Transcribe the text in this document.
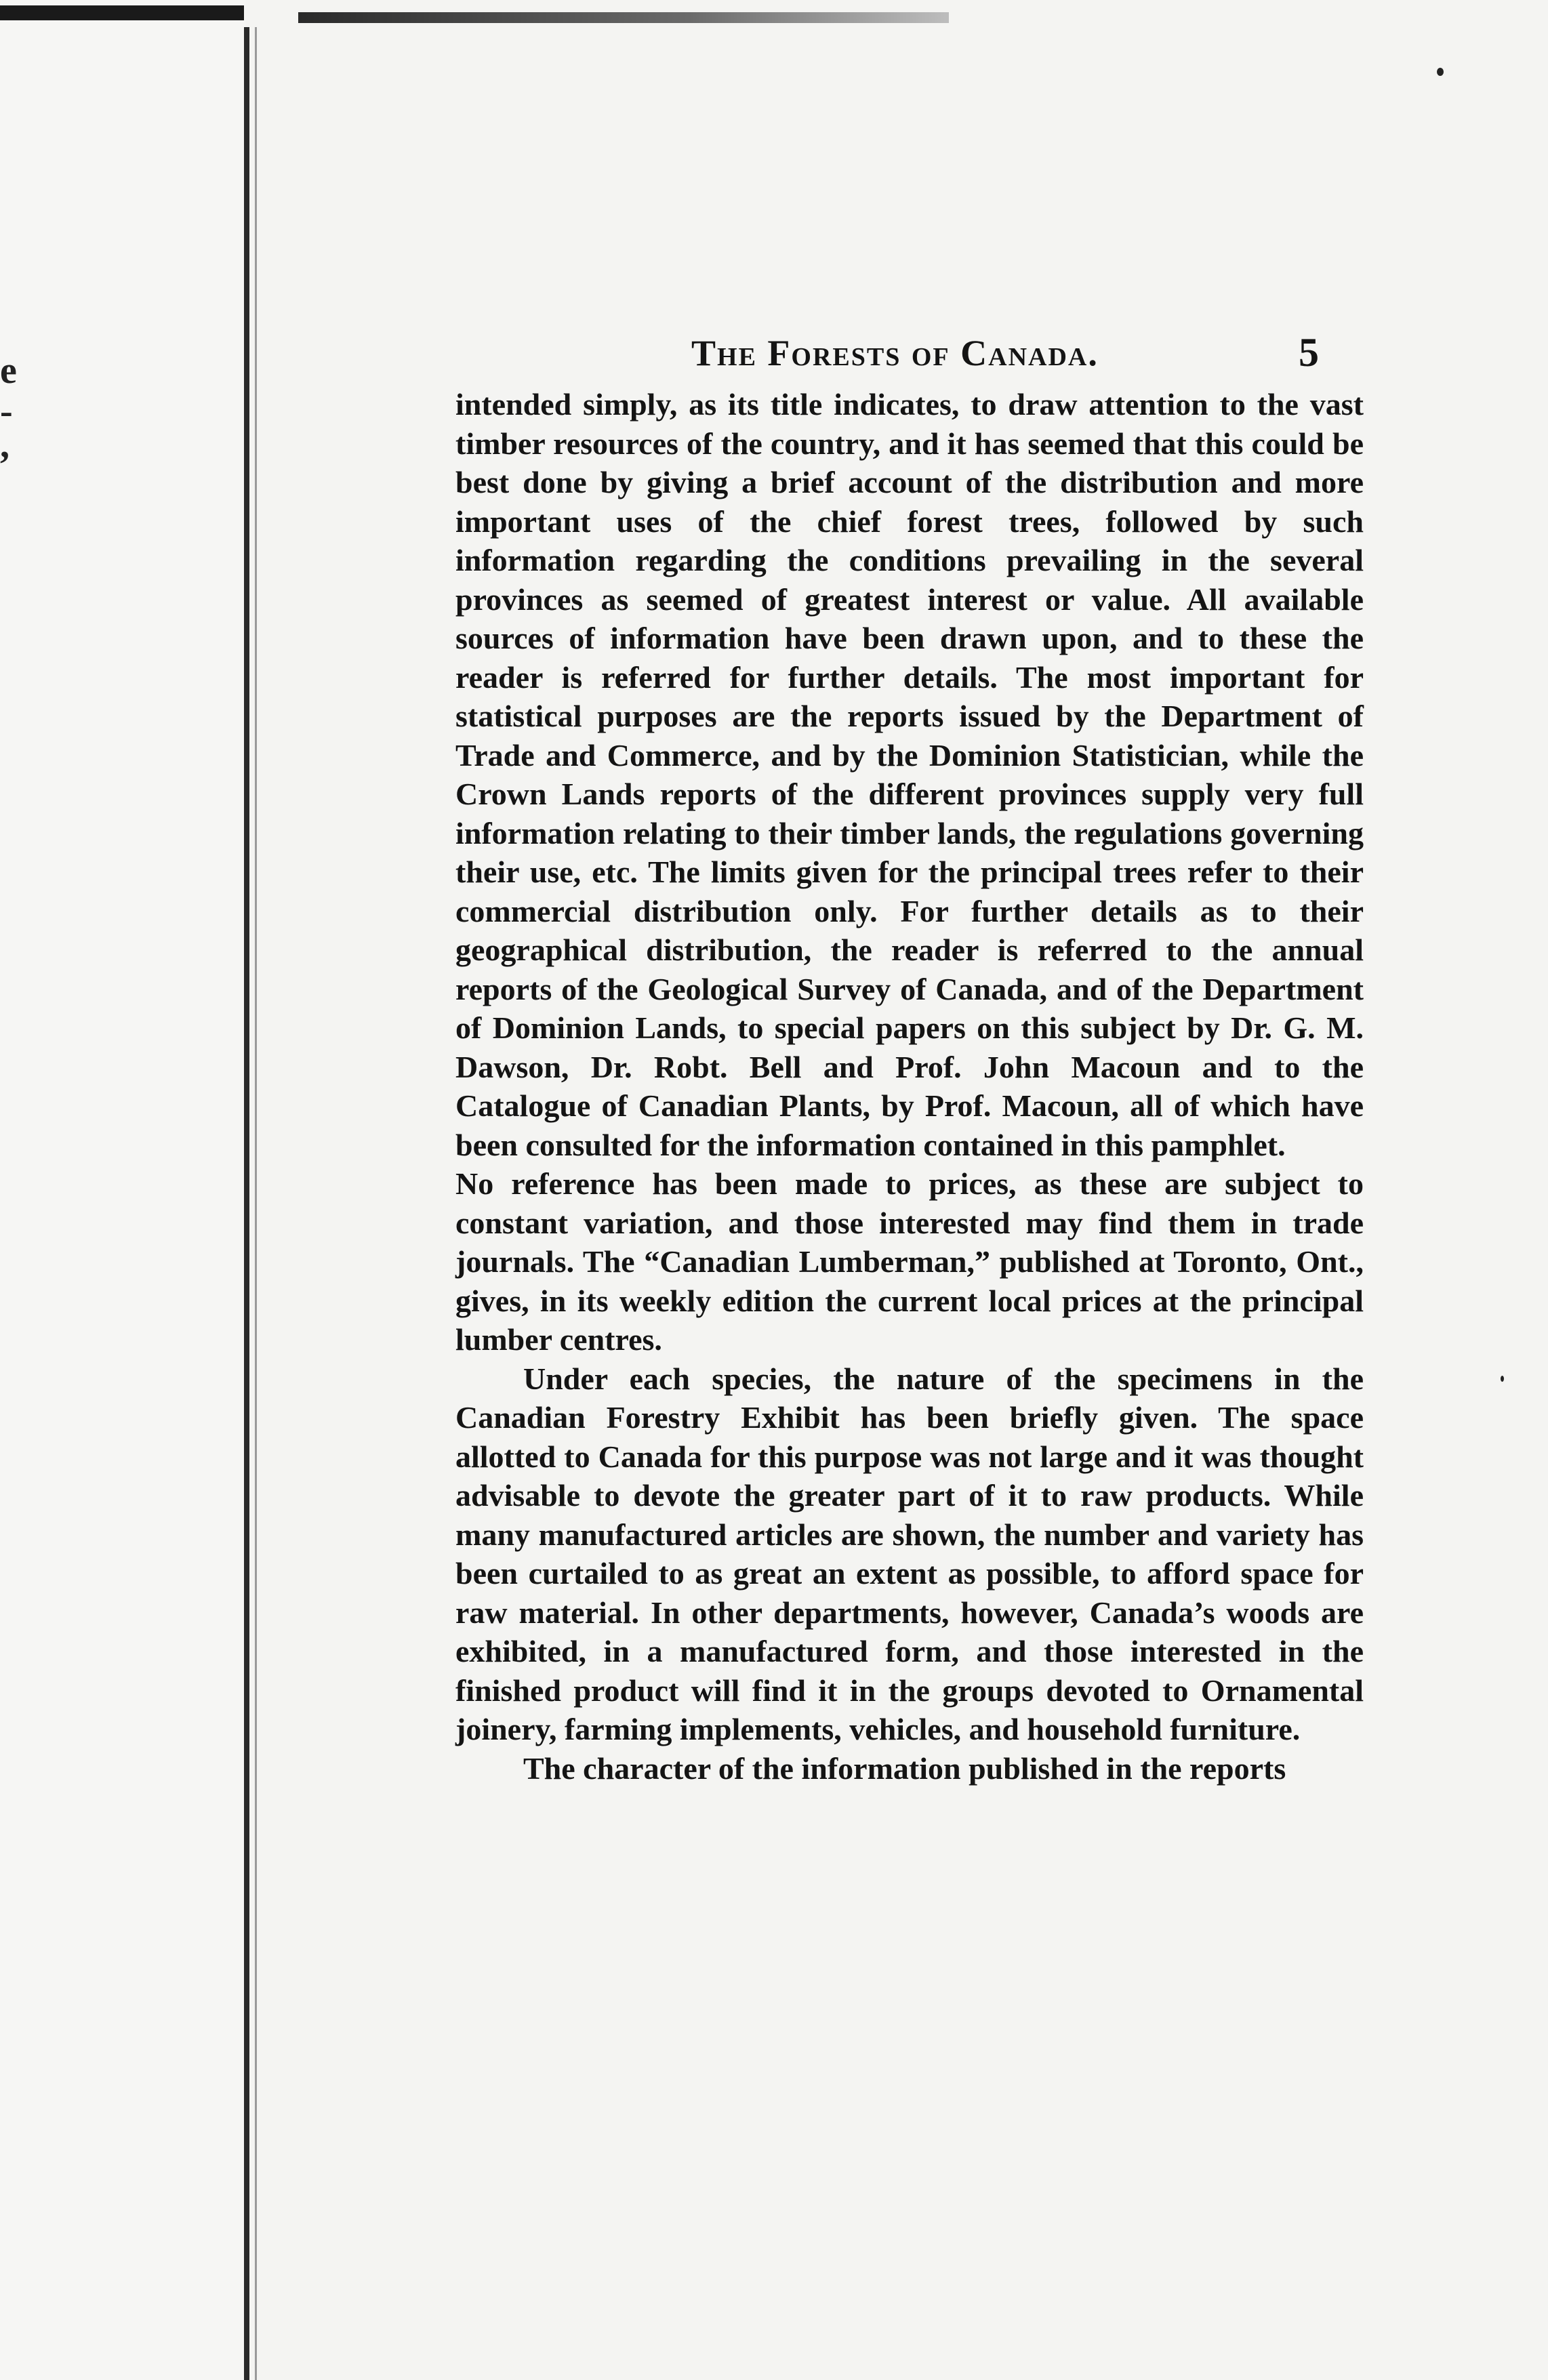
e
-
,
The Forests of Canada.	5

intended simply, as its title indicates, to draw attention to the vast timber resources of the country, and it has seemed that this could be best done by giving a brief account of the distribution and more important uses of the chief forest trees, followed by such information regarding the conditions prevailing in the several provinces as seemed of greatest interest or value. All available sources of information have been drawn upon, and to these the reader is referred for further details. The most important for statistical purposes are the reports issued by the Department of Trade and Commerce, and by the Dominion Statistician, while the Crown Lands reports of the different provinces supply very full information relating to their timber lands, the regulations governing their use, etc. The limits given for the principal trees refer to their commercial distribution only. For further details as to their geographical distribution, the reader is referred to the annual reports of the Geological Survey of Canada, and of the Department of Dominion Lands, to special papers on this subject by Dr. G. M. Dawson, Dr. Robt. Bell and Prof. John Macoun and to the Catalogue of Canadian Plants, by Prof. Macoun, all of which have been consulted for the information contained in this pamphlet.

No reference has been made to prices, as these are subject to constant variation, and those interested may find them in trade journals. The “Canadian Lumberman,” published at Toronto, Ont., gives, in its weekly edition the current local prices at the principal lumber centres.

Under each species, the nature of the specimens in the Canadian Forestry Exhibit has been briefly given. The space allotted to Canada for this purpose was not large and it was thought advisable to devote the greater part of it to raw products. While many manufactured articles are shown, the number and variety has been curtailed to as great an extent as possible, to afford space for raw material. In other departments, however, Canada’s woods are exhibited, in a manufactured form, and those interested in the finished product will find it in the groups devoted to Ornamental joinery, farming implements, vehicles, and household furniture.

The character of the information published in the reports
